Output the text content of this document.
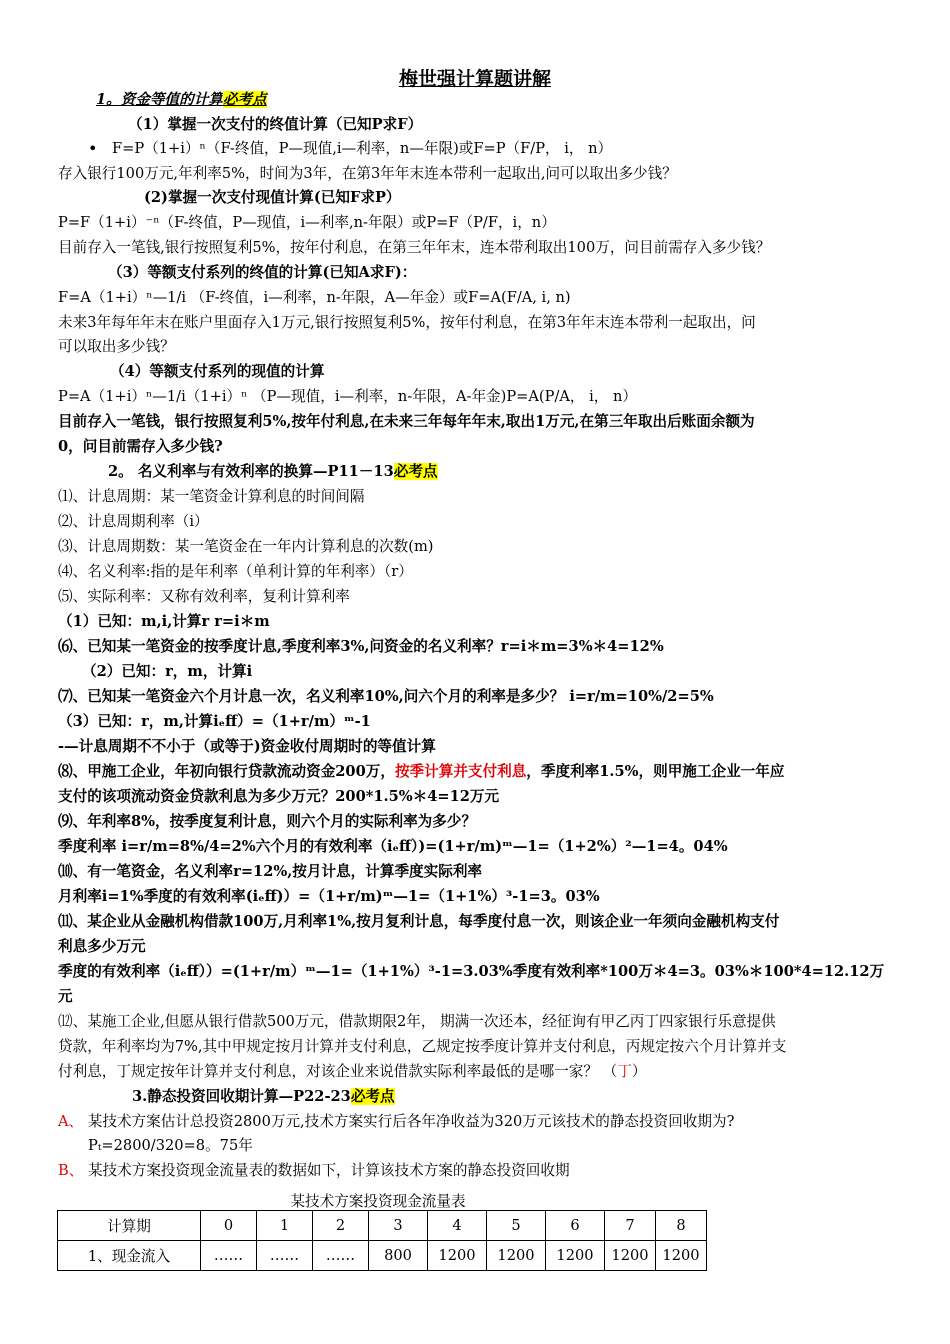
梅世强计算题讲解
1。资金等值的计算必考点
（1）掌握一次支付的终值计算（已知P求F）
• F=P（1+i）ⁿ（F-终值，P—现值,i—利率，n—年限)或F=P（F/P， i， n）
存入银行100万元,年利率5%，时间为3年，在第3年年末连本带利一起取出,问可以取出多少钱？
(2)掌握一次支付现值计算(已知F求P）
P=F（1+i）⁻ⁿ（F-终值，P—现值，i—利率,n-年限）或P=F（P/F，i，n）
目前存入一笔钱,银行按照复利5%，按年付利息，在第三年年末，连本带利取出100万，问目前需存入多少钱？
（3）等额支付系列的终值的计算(已知A求F)：
F=A（1+i）ⁿ—1/i （F-终值，i—利率，n-年限，A—年金）或F=A(F/A, i, n)
未来3年每年年末在账户里面存入1万元,银行按照复利5%，按年付利息，在第3年年末连本带利一起取出，问
可以取出多少钱？
（4）等额支付系列的现值的计算
P=A（1+i）ⁿ—1/i（1+i）ⁿ （P—现值，i—利率，n-年限，A-年金)P=A(P/A， i， n）
目前存入一笔钱，银行按照复利5%,按年付利息,在未来三年每年年末,取出1万元,在第三年取出后账面余额为
0，问目前需存入多少钱?
2。 名义利率与有效利率的换算—P11－13必考点
⑴、计息周期：某一笔资金计算利息的时间间隔
⑵、计息周期利率（i）
⑶、计息周期数：某一笔资金在一年内计算利息的次数(m)
⑷、名义利率:指的是年利率（单利计算的年利率）（r）
⑸、实际利率：又称有效利率，复利计算利率
（1）已知：m,i,计算r r=i＊m
⑹、已知某一笔资金的按季度计息,季度利率3%,问资金的名义利率？r=i＊m=3%＊4=12%
（2）已知：r，m，计算i
⑺、已知某一笔资金六个月计息一次，名义利率10%,问六个月的利率是多少？ i=r/m=10%/2=5%
（3）已知：r，m,计算iₑff）=（1+r/m）ᵐ-1
-—计息周期不不小于（或等于)资金收付周期时的等值计算
⑻、甲施工企业，年初向银行贷款流动资金200万，按季计算并支付利息，季度利率1.5%，则甲施工企业一年应
支付的该项流动资金贷款利息为多少万元？200*1.5%＊4=12万元
⑼、年利率8%，按季度复利计息，则六个月的实际利率为多少？
季度利率 i=r/m=8%/4=2%六个月的有效利率（iₑff）)=(1+r/m)ᵐ—1=（1+2%）²—1=4。04%
⑽、有一笔资金，名义利率r=12%,按月计息，计算季度实际利率
月利率i=1%季度的有效利率(iₑff)）=（1+r/m)ᵐ—1=（1+1%）³-1=3。03%
⑾、某企业从金融机构借款100万,月利率1%,按月复利计息，每季度付息一次，则该企业一年须向金融机构支付
利息多少万元
季度的有效利率（iₑff））=(1+r/m）ᵐ—1=（1+1%）³-1=3.03%季度有效利率*100万＊4=3。03%＊100*4=12.12万
元
⑿、某施工企业,但愿从银行借款500万元，借款期限2年， 期满一次还本，经征询有甲乙丙丁四家银行乐意提供
贷款，年利率均为7%,其中甲规定按月计算并支付利息，乙规定按季度计算并支付利息，丙规定按六个月计算并支
付利息，丁规定按年计算并支付利息，对该企业来说借款实际利率最低的是哪一家？ （丁）
3.静态投资回收期计算—P22-23必考点
A、 某技术方案估计总投资2800万元,技术方案实行后各年净收益为320万元该技术的静态投资回收期为?
Pₜ=2800/320=8。75年
B、 某技术方案投资现金流量表的数据如下，计算该技术方案的静态投资回收期
某技术方案投资现金流量表
计算期	0	1	2	3	4	5	6	7	8
1、现金流入	……	……	……	800	1200	1200	1200	1200	1200
